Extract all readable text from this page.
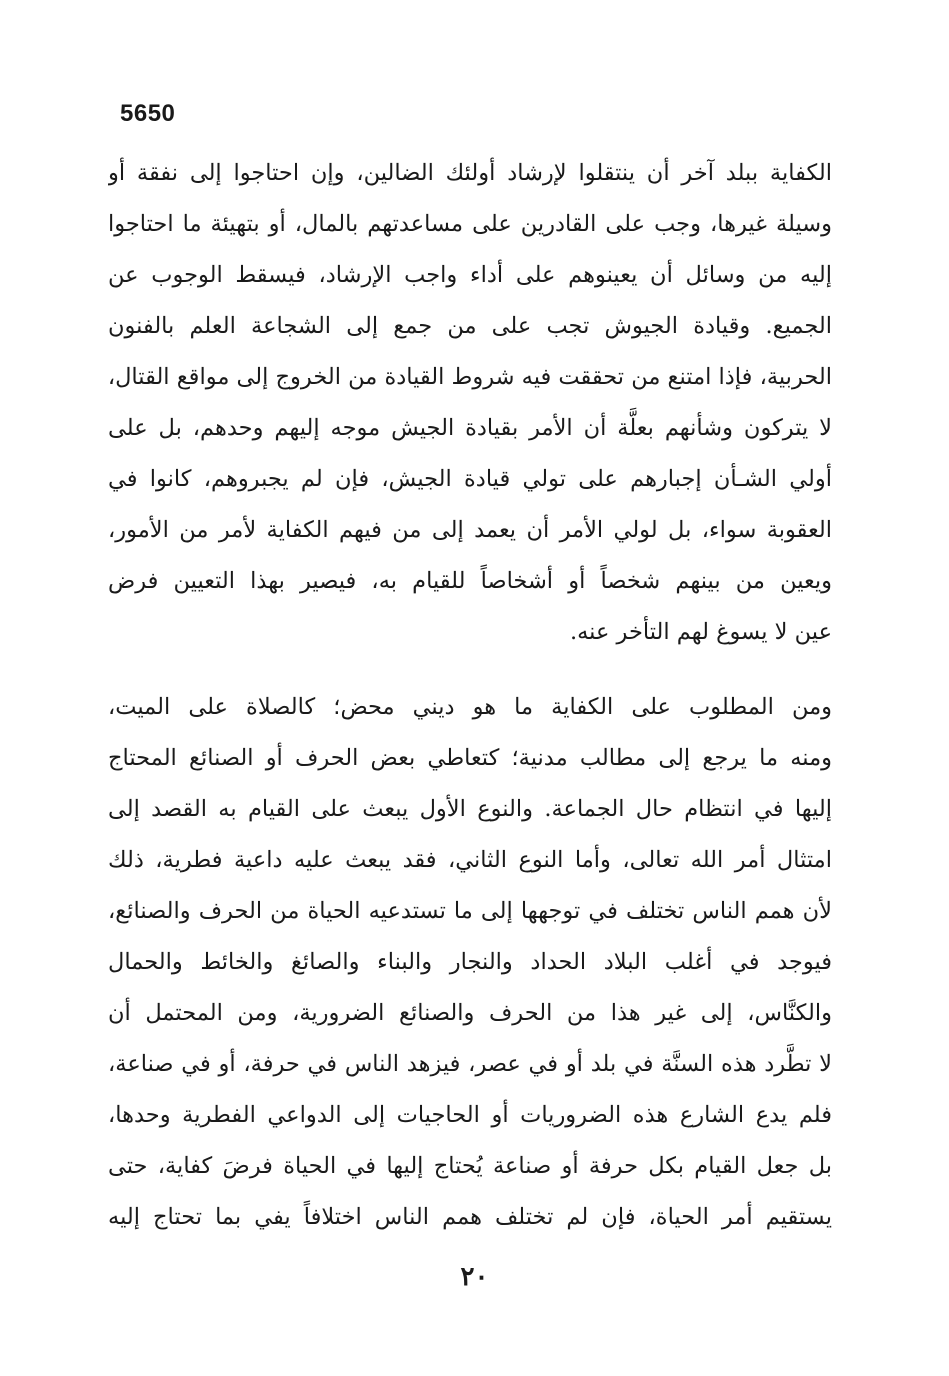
5650
الكفاية ببلد آخر أن ينتقلوا لإرشاد أولئك الضالين، وإن احتاجوا إلى نفقة أو
وسيلة غيرها، وجب على القادرين على مساعدتهم بالمال، أو بتهيئة ما احتاجوا
إليه من وسائل أن يعينوهم على أداء واجب الإرشاد، فيسقط الوجوب عن
الجميع. وقيادة الجيوش تجب على من جمع إلى الشجاعة العلم بالفنون
الحربية، فإذا امتنع من تحققت فيه شروط القيادة من الخروج إلى مواقع القتال،
لا يتركون وشأنهم بعلَّة أن الأمر بقيادة الجيش موجه إليهم وحدهم، بل على
أولي الشـأن إجبارهم على تولي قيادة الجيش، فإن لم يجبروهم، كانوا في
العقوبة سواء، بل لولي الأمر أن يعمد إلى من فيهم الكفاية لأمر من الأمور،
ويعين من بينهم شخصاً أو أشخاصاً للقيام به، فيصير بهذا التعيين فرض
عين لا يسوغ لهم التأخر عنه.
ومن المطلوب على الكفاية ما هو ديني محض؛ كالصلاة على الميت،
ومنه ما يرجع إلى مطالب مدنية؛ كتعاطي بعض الحرف أو الصنائع المحتاج
إليها في انتظام حال الجماعة. والنوع الأول يبعث على القيام به القصد إلى
امتثال أمر الله تعالى، وأما النوع الثاني، فقد يبعث عليه داعية فطرية، ذلك
لأن همم الناس تختلف في توجهها إلى ما تستدعيه الحياة من الحرف والصنائع،
فيوجد في أغلب البلاد الحداد والنجار والبناء والصائغ والخائط والحمال
والكنَّاس، إلى غير هذا من الحرف والصنائع الضرورية، ومن المحتمل أن
لا تطَّرد هذه السنَّة في بلد أو في عصر، فيزهد الناس في حرفة، أو في صناعة،
فلم يدع الشارع هذه الضروريات أو الحاجيات إلى الدواعي الفطرية وحدها،
بل جعل القيام بكل حرفة أو صناعة يُحتاج إليها في الحياة فرضَ كفاية، حتى
يستقيم أمر الحياة، فإن لم تختلف همم الناس اختلافاً يفي بما تحتاج إليه
٢٠
